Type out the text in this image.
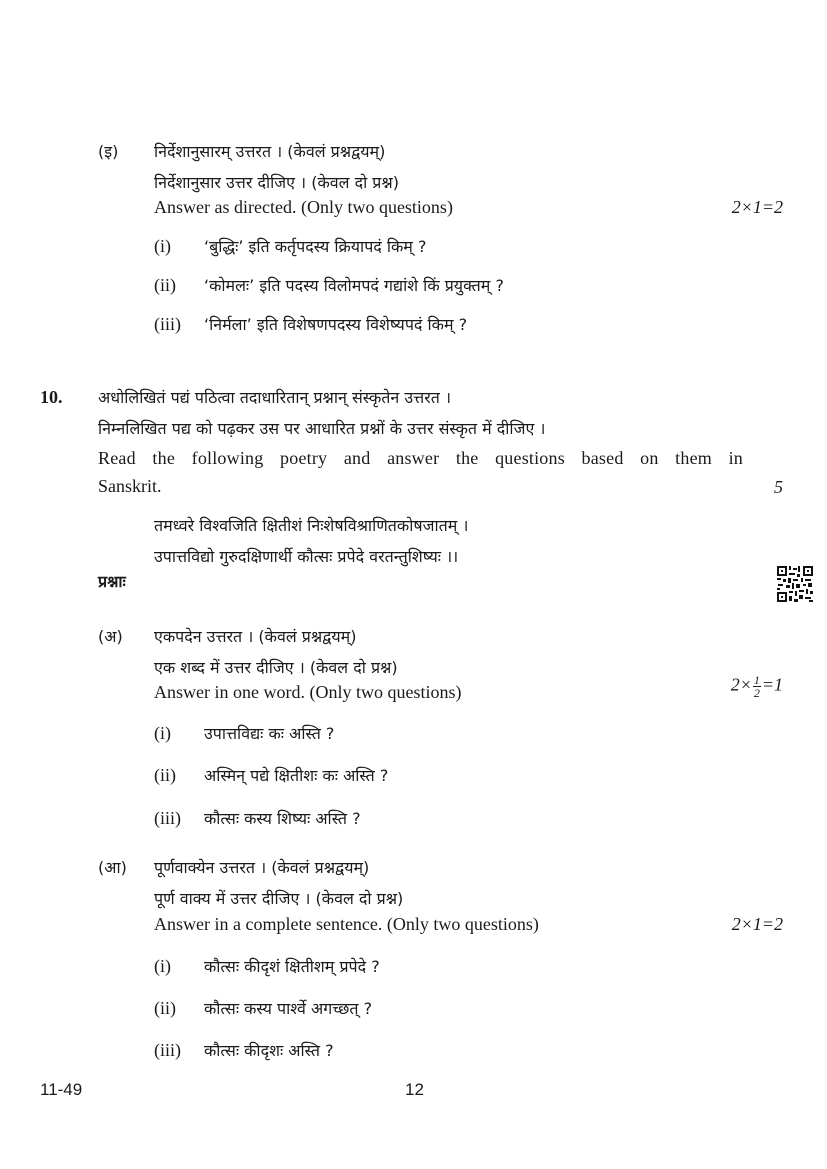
(इ) निर्देशानुसारम् उत्तरत । (केवलं प्रश्नद्वयम्)
निर्देशानुसार उत्तर दीजिए । (केवल दो प्रश्न)
Answer as directed. (Only two questions)	2×1=2
(i) ‘बुद्धिः’ इति कर्तृपदस्य क्रियापदं किम् ?
(ii) ‘कोमलः’ इति पदस्य विलोमपदं गद्यांशे किं प्रयुक्तम् ?
(iii) ‘निर्मला’ इति विशेषणपदस्य विशेष्यपदं किम् ?
10. अधोलिखितं पद्यं पठित्वा तदाधारितान् प्रश्नान् संस्कृतेन उत्तरत ।
निम्नलिखित पद्य को पढ़कर उस पर आधारित प्रश्नों के उत्तर संस्कृत में दीजिए ।
Read the following poetry and answer the questions based on them in
Sanskrit.	5
तमध्वरे विश्वजिति क्षितीशं निःशेषविश्राणितकोषजातम् ।
उपात्तविद्यो गुरुदक्षिणार्थी कौत्सः प्रपेदे वरतन्तुशिष्यः ।।
प्रश्नाः
(अ) एकपदेन उत्तरत । (केवलं प्रश्नद्वयम्)
एक शब्द में उत्तर दीजिए । (केवल दो प्रश्न)
Answer in one word. (Only two questions)	$2\times \frac{1}{2} =1$
(i) उपात्तविद्यः कः अस्ति ?
(ii) अस्मिन् पद्ये क्षितीशः कः अस्ति ?
(iii) कौत्सः कस्य शिष्यः अस्ति ?
(आ) पूर्णवाक्येन उत्तरत । (केवलं प्रश्नद्वयम्)
पूर्ण वाक्य में उत्तर दीजिए । (केवल दो प्रश्न)
Answer in a complete sentence. (Only two questions)	2×1=2
(i) कौत्सः कीदृशं क्षितीशम् प्रपेदे ?
(ii) कौत्सः कस्य पार्श्वे अगच्छत् ?
(iii) कौत्सः कीदृशः अस्ति ?
11-49	12
